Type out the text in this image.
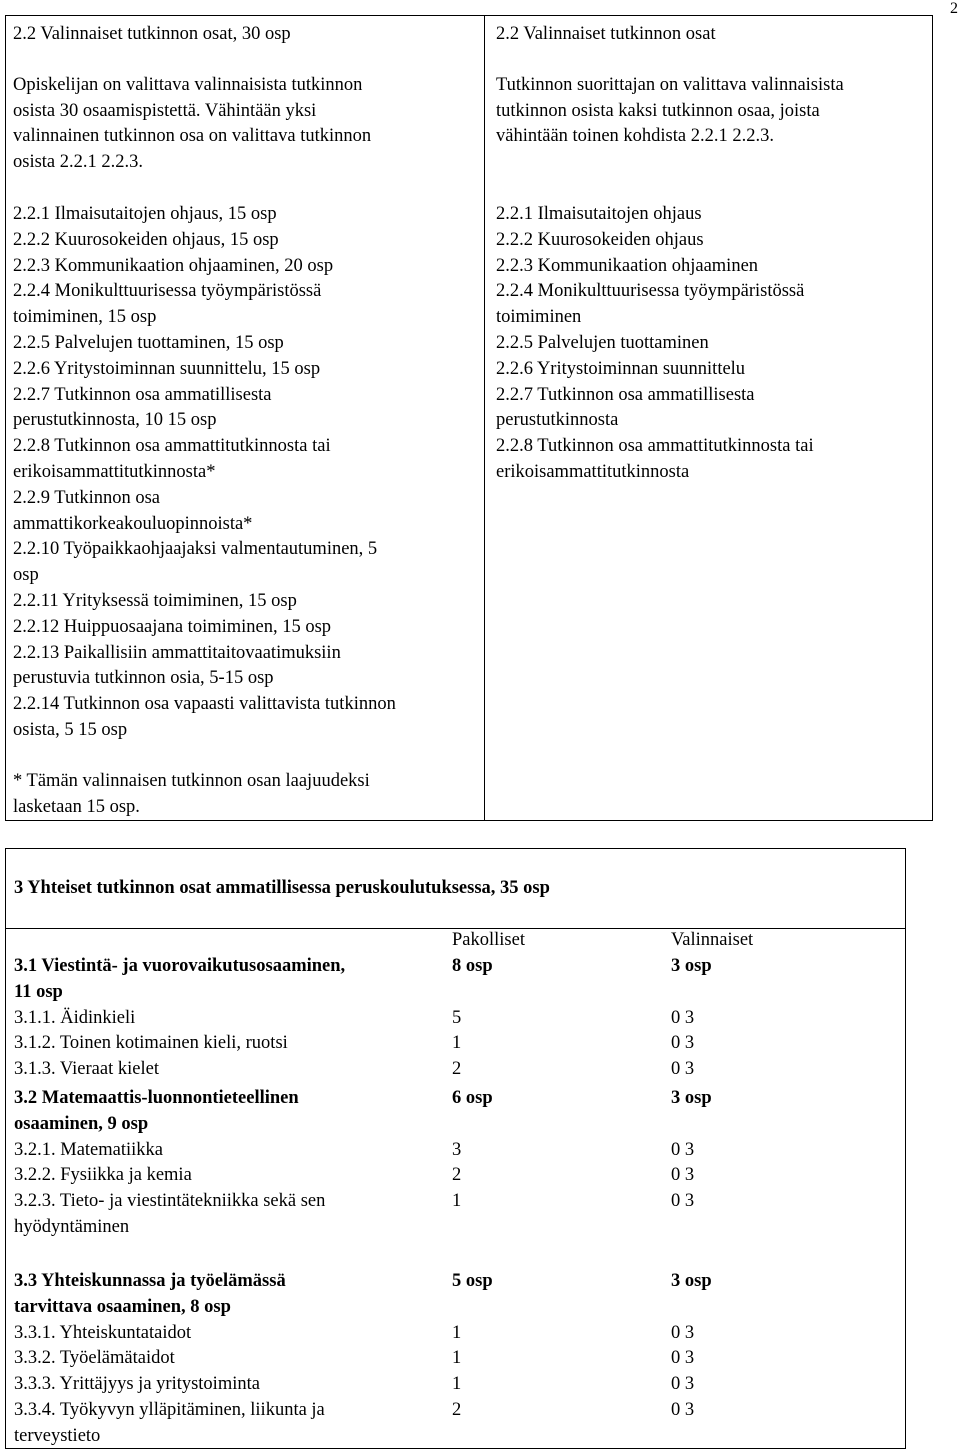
2
2.2 Valinnaiset tutkinnon osat, 30 osp
Opiskelijan on valittava valinnaisista tutkinnon
osista 30 osaamispistettä. Vähintään yksi
valinnainen tutkinnon osa on valittava tutkinnon
osista 2.2.1 2.2.3.
2.2.1 Ilmaisutaitojen ohjaus, 15 osp
2.2.2 Kuurosokeiden ohjaus, 15 osp
2.2.3 Kommunikaation ohjaaminen, 20 osp
2.2.4 Monikulttuurisessa työympäristössä
toimiminen, 15 osp
2.2.5 Palvelujen tuottaminen, 15 osp
2.2.6 Yritystoiminnan suunnittelu, 15 osp
2.2.7 Tutkinnon osa ammatillisesta
perustutkinnosta, 10 15 osp
2.2.8 Tutkinnon osa ammattitutkinnosta tai
erikoisammattitutkinnosta*
2.2.9 Tutkinnon osa
ammattikorkeakouluopinnoista*
2.2.10 Työpaikkaohjaajaksi valmentautuminen, 5
osp
2.2.11 Yrityksessä toimiminen, 15 osp
2.2.12 Huippuosaajana toimiminen, 15 osp
2.2.13 Paikallisiin ammattitaitovaatimuksiin
perustuvia tutkinnon osia, 5-15 osp
2.2.14 Tutkinnon osa vapaasti valittavista tutkinnon
osista, 5 15 osp
* Tämän valinnaisen tutkinnon osan laajuudeksi
lasketaan 15 osp.
2.2 Valinnaiset tutkinnon osat
Tutkinnon suorittajan on valittava valinnaisista
tutkinnon osista kaksi tutkinnon osaa, joista
vähintään toinen kohdista 2.2.1 2.2.3.
2.2.1 Ilmaisutaitojen ohjaus
2.2.2 Kuurosokeiden ohjaus
2.2.3 Kommunikaation ohjaaminen
2.2.4 Monikulttuurisessa työympäristössä
toimiminen
2.2.5 Palvelujen tuottaminen
2.2.6 Yritystoiminnan suunnittelu
2.2.7 Tutkinnon osa ammatillisesta
perustutkinnosta
2.2.8 Tutkinnon osa ammattitutkinnosta tai
erikoisammattitutkinnosta
3 Yhteiset tutkinnon osat ammatillisessa peruskoulutuksessa, 35 osp
Pakolliset	Valinnaiset
3.1 Viestintä- ja vuorovaikutusosaaminen,
11 osp
3.1.1. Äidinkieli
3.1.2. Toinen kotimainen kieli, ruotsi
3.1.3. Vieraat kielet
8 osp

5
1
2
3 osp

0 3
0 3
0 3
3.2 Matemaattis-luonnontieteellinen
osaaminen, 9 osp
3.2.1. Matematiikka
3.2.2. Fysiikka ja kemia
3.2.3. Tieto- ja viestintätekniikka sekä sen
hyödyntäminen
6 osp

3
2
1
3 osp

0 3
0 3
0 3
3.3 Yhteiskunnassa ja työelämässä
tarvittava osaaminen, 8 osp
3.3.1. Yhteiskuntataidot
3.3.2. Työelämätaidot
3.3.3. Yrittäjyys ja yritystoiminta
3.3.4. Työkyvyn ylläpitäminen, liikunta ja
terveystieto
5 osp

1
1
1
2
3 osp

0 3
0 3
0 3
0 3
